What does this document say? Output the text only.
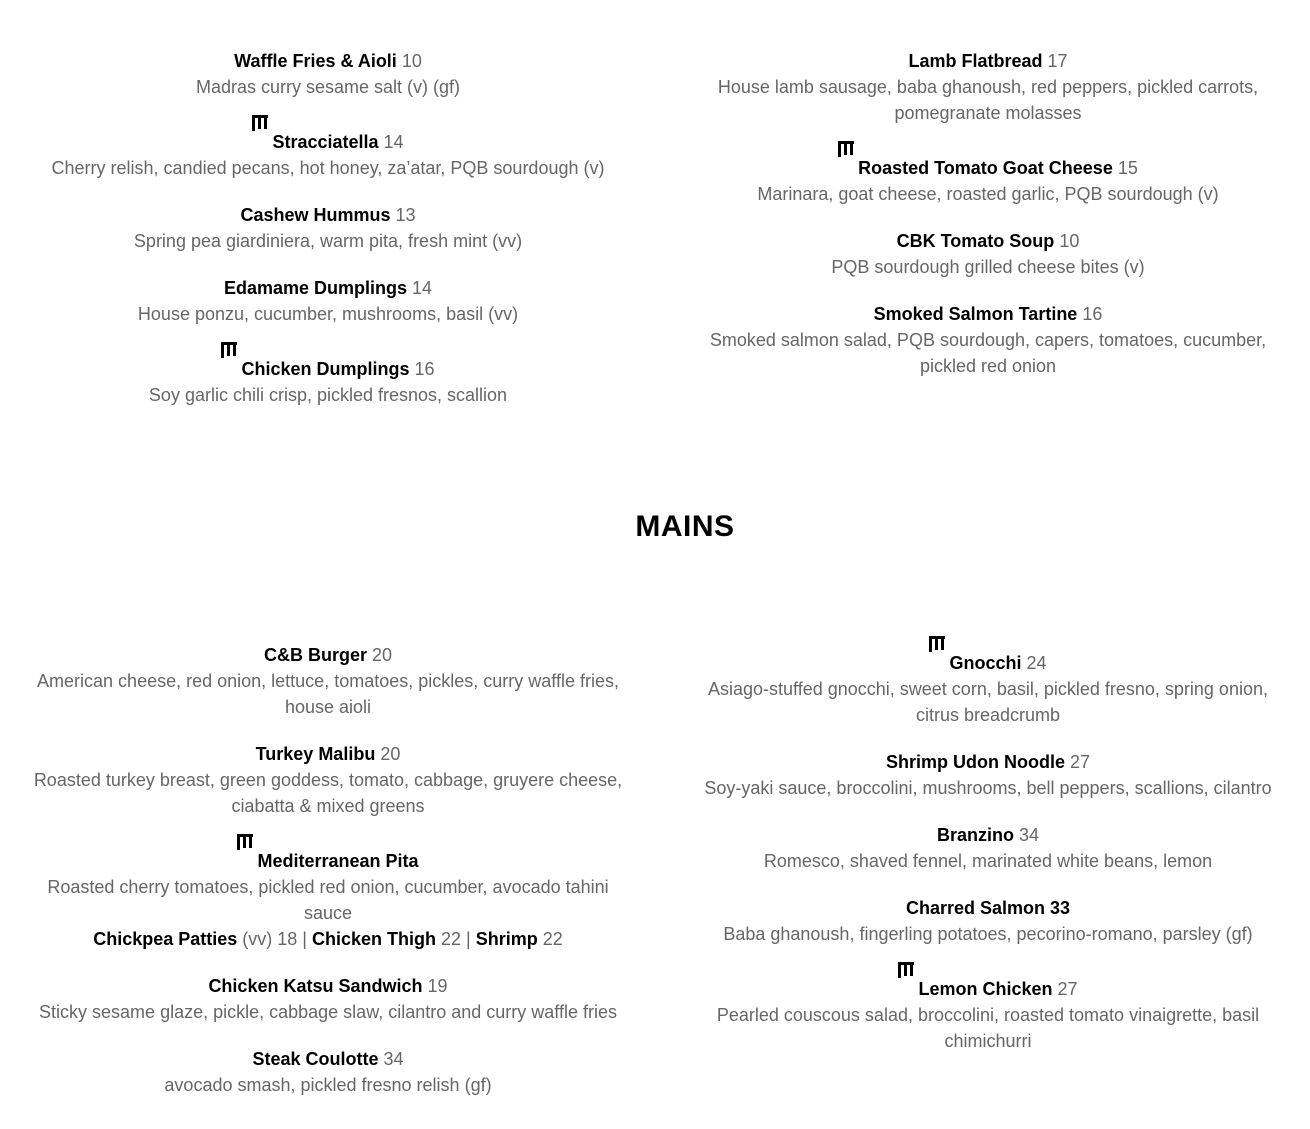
Waffle Fries & Aioli 10
Madras curry sesame salt (v) (gf)
Stracciatella 14
Cherry relish, candied pecans, hot honey, za’atar, PQB sourdough (v)
Cashew Hummus 13
Spring pea giardiniera, warm pita, fresh mint (vv)
Edamame Dumplings 14
House ponzu, cucumber, mushrooms, basil (vv)
Chicken Dumplings 16
Soy garlic chili crisp, pickled fresnos, scallion
Lamb Flatbread 17
House lamb sausage, baba ghanoush, red peppers, pickled carrots, pomegranate molasses
Roasted Tomato Goat Cheese 15
Marinara, goat cheese, roasted garlic, PQB sourdough (v)
CBK Tomato Soup 10
PQB sourdough grilled cheese bites (v)
Smoked Salmon Tartine 16
Smoked salmon salad, PQB sourdough, capers, tomatoes, cucumber, pickled red onion
MAINS
C&B Burger 20
American cheese, red onion, lettuce, tomatoes, pickles, curry waffle fries, house aioli
Turkey Malibu 20
Roasted turkey breast, green goddess, tomato, cabbage, gruyere cheese, ciabatta & mixed greens
Mediterranean Pita
Roasted cherry tomatoes, pickled red onion, cucumber, avocado tahini sauce
Chickpea Patties (vv) 18 | Chicken Thigh 22 | Shrimp 22
Chicken Katsu Sandwich 19
Sticky sesame glaze, pickle, cabbage slaw, cilantro and curry waffle fries
Steak Coulotte 34
avocado smash, pickled fresno relish (gf)
Gnocchi 24
Asiago-stuffed gnocchi, sweet corn, basil, pickled fresno, spring onion, citrus breadcrumb
Shrimp Udon Noodle 27
Soy-yaki sauce, broccolini, mushrooms, bell peppers, scallions, cilantro
Branzino 34
Romesco, shaved fennel, marinated white beans, lemon
Charred Salmon 33
Baba ghanoush, fingerling potatoes, pecorino-romano, parsley (gf)
Lemon Chicken 27
Pearled couscous salad, broccolini, roasted tomato vinaigrette, basil chimichurri
